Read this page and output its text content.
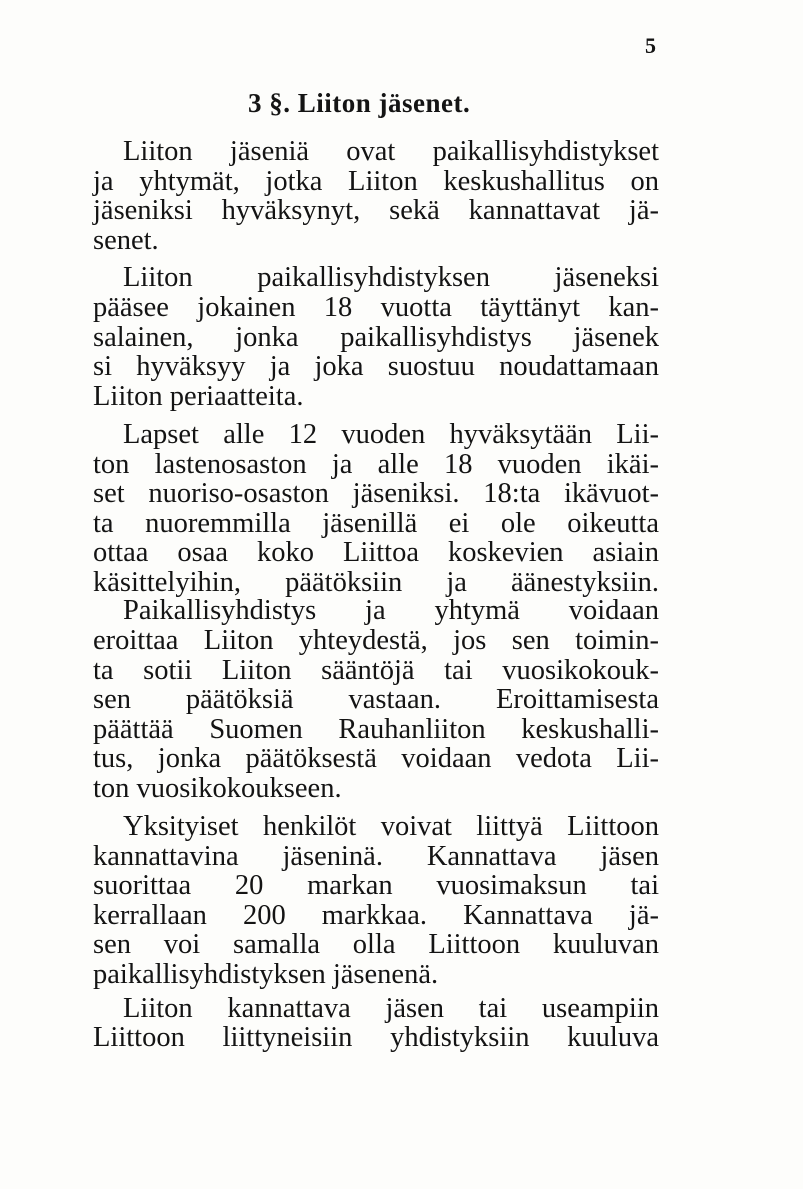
5
3 §. Liiton jäsenet.
Liiton jäseniä ovat paikallisyhdistykset
ja yhtymät, jotka Liiton keskushallitus on
jäseniksi hyväksynyt, sekä kannattavat jä-
senet.
Liiton paikallisyhdistyksen jäseneksi
pääsee jokainen 18 vuotta täyttänyt kan-
salainen, jonka paikallisyhdistys jäsenek
si hyväksyy ja joka suostuu noudattamaan
Liiton periaatteita.
Lapset alle 12 vuoden hyväksytään Lii-
ton lastenosaston ja alle 18 vuoden ikäi-
set nuoriso-osaston jäseniksi. 18:ta ikävuot-
ta nuoremmilla jäsenillä ei ole oikeutta
ottaa osaa koko Liittoa koskevien asiain
käsittelyihin, päätöksiin ja äänestyksiin.
Paikallisyhdistys ja yhtymä voidaan
eroittaa Liiton yhteydestä, jos sen toimin-
ta sotii Liiton sääntöjä tai vuosikokouk-
sen päätöksiä vastaan. Eroittamisesta
päättää Suomen Rauhanliiton keskushalli-
tus, jonka päätöksestä voidaan vedota Lii-
ton vuosikokoukseen.
Yksityiset henkilöt voivat liittyä Liittoon
kannattavina jäseninä. Kannattava jäsen
suorittaa 20 markan vuosimaksun tai
kerrallaan 200 markkaa. Kannattava jä-
sen voi samalla olla Liittoon kuuluvan
paikallisyhdistyksen jäsenenä.
Liiton kannattava jäsen tai useampiin
Liittoon liittyneisiin yhdistyksiin kuuluva
